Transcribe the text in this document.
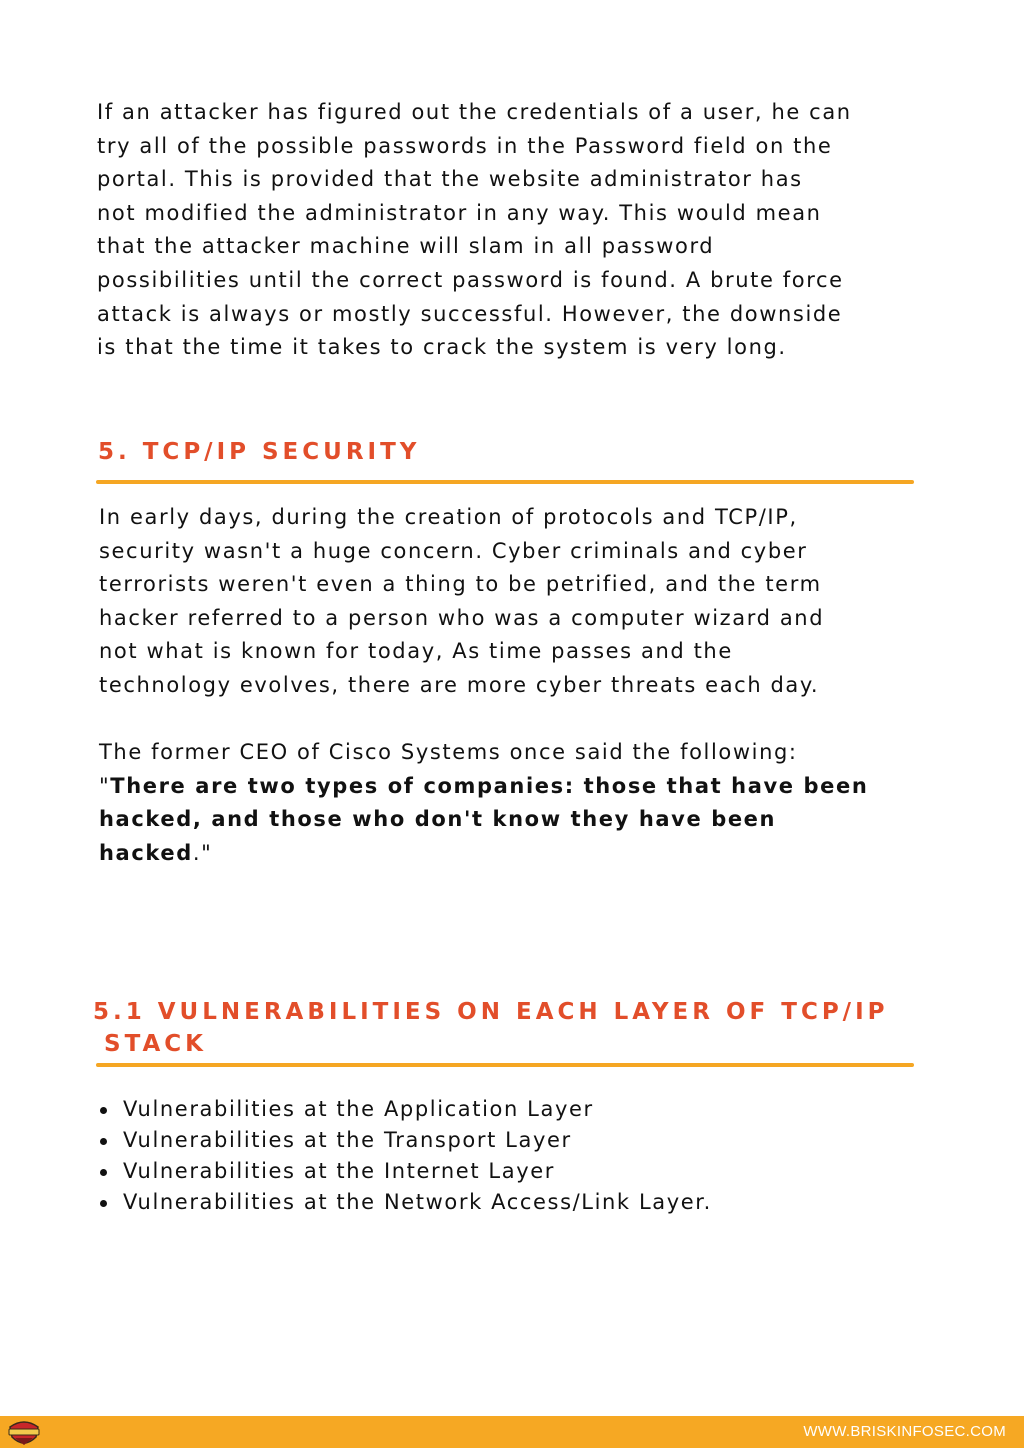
If an attacker has figured out the credentials of a user, he can
try all of the possible passwords in the Password field on the
portal. This is provided that the website administrator has
not modified the administrator in any way. This would mean
that the attacker machine will slam in all password
possibilities until the correct password is found. A brute force
attack is always or mostly successful. However, the downside
is that the time it takes to crack the system is very long.
5. TCP/IP SECURITY
In early days, during the creation of protocols and TCP/IP,
security wasn't a huge concern. Cyber criminals and cyber
terrorists weren't even a thing to be petrified, and the term
hacker referred to a person who was a computer wizard and
not what is known for today, As time passes and the
technology evolves, there are more cyber threats each day.
The former CEO of Cisco Systems once said the following:
"There are two types of companies: those that have been
hacked, and those who don't know they have been
hacked."
5.1 VULNERABILITIES ON EACH LAYER OF TCP/IP
STACK
Vulnerabilities at the Application Layer
Vulnerabilities at the Transport Layer
Vulnerabilities at the Internet Layer
Vulnerabilities at the Network Access/Link Layer.
WWW.BRISKINFOSEC.COM
